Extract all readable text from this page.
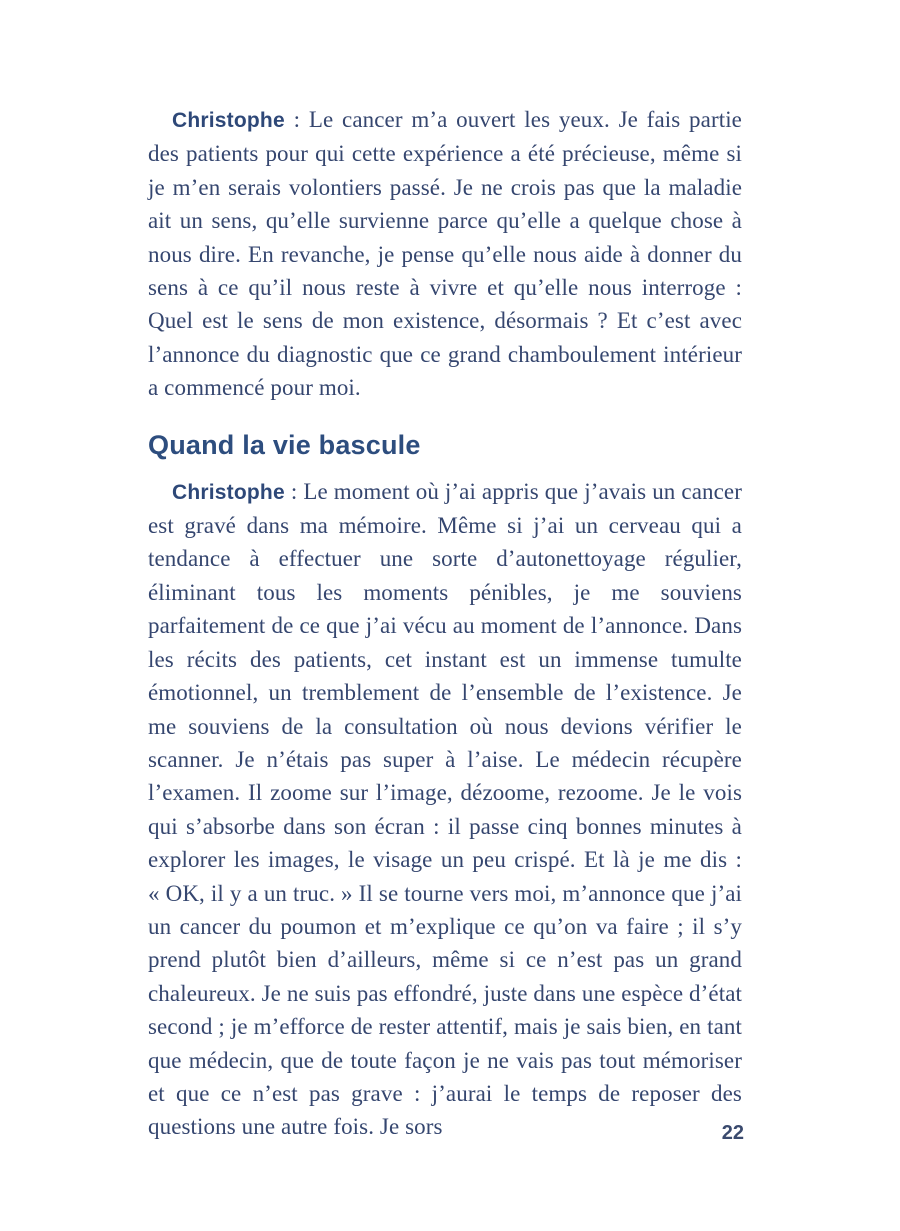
Christophe : Le cancer m’a ouvert les yeux. Je fais partie des patients pour qui cette expérience a été précieuse, même si je m’en serais volontiers passé. Je ne crois pas que la maladie ait un sens, qu’elle survienne parce qu’elle a quelque chose à nous dire. En revanche, je pense qu’elle nous aide à donner du sens à ce qu’il nous reste à vivre et qu’elle nous interroge : Quel est le sens de mon existence, désormais ? Et c’est avec l’annonce du diagnostic que ce grand chamboulement intérieur a commencé pour moi.

Quand la vie bascule

Christophe : Le moment où j’ai appris que j’avais un cancer est gravé dans ma mémoire. Même si j’ai un cerveau qui a tendance à effectuer une sorte d’autonettoyage régulier, éliminant tous les moments pénibles, je me souviens parfaitement de ce que j’ai vécu au moment de l’annonce. Dans les récits des patients, cet instant est un immense tumulte émotionnel, un tremblement de l’ensemble de l’existence. Je me souviens de la consultation où nous devions vérifier le scanner. Je n’étais pas super à l’aise. Le médecin récupère l’examen. Il zoome sur l’image, dézoome, rezoome. Je le vois qui s’absorbe dans son écran : il passe cinq bonnes minutes à explorer les images, le visage un peu crispé. Et là je me dis : « OK, il y a un truc. » Il se tourne vers moi, m’annonce que j’ai un cancer du poumon et m’explique ce qu’on va faire ; il s’y prend plutôt bien d’ailleurs, même si ce n’est pas un grand chaleureux. Je ne suis pas effondré, juste dans une espèce d’état second ; je m’efforce de rester attentif, mais je sais bien, en tant que médecin, que de toute façon je ne vais pas tout mémoriser et que ce n’est pas grave : j’aurai le temps de reposer des questions une autre fois. Je sors	22
